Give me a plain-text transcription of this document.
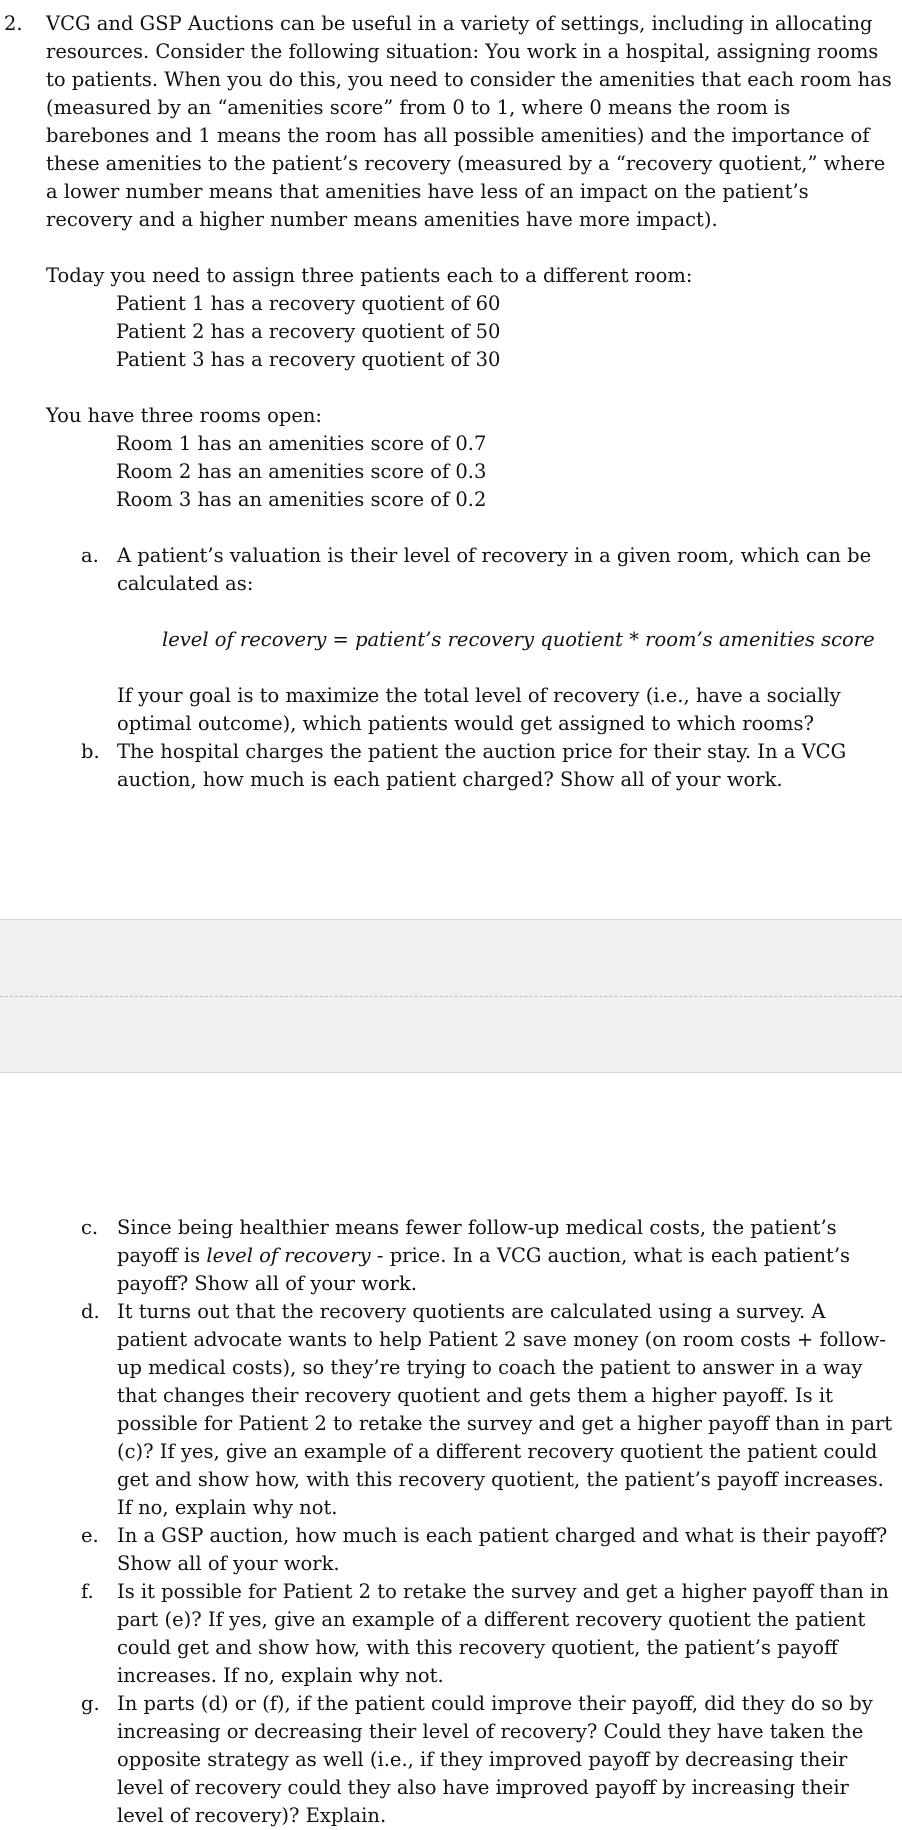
2. VCG and GSP Auctions can be useful in a variety of settings, including in allocating resources. Consider the following situation: You work in a hospital, assigning rooms to patients. When you do this, you need to consider the amenities that each room has (measured by an “amenities score” from 0 to 1, where 0 means the room is barebones and 1 means the room has all possible amenities) and the importance of these amenities to the patient’s recovery (measured by a “recovery quotient,” where a lower number means that amenities have less of an impact on the patient’s recovery and a higher number means amenities have more impact).
Today you need to assign three patients each to a different room:
Patient 1 has a recovery quotient of 60
Patient 2 has a recovery quotient of 50
Patient 3 has a recovery quotient of 30
You have three rooms open:
Room 1 has an amenities score of 0.7
Room 2 has an amenities score of 0.3
Room 3 has an amenities score of 0.2
a. A patient’s valuation is their level of recovery in a given room, which can be calculated as:
level of recovery = patient’s recovery quotient * room’s amenities score
If your goal is to maximize the total level of recovery (i.e., have a socially optimal outcome), which patients would get assigned to which rooms?
b. The hospital charges the patient the auction price for their stay. In a VCG auction, how much is each patient charged? Show all of your work.
c. Since being healthier means fewer follow-up medical costs, the patient’s payoff is level of recovery - price. In a VCG auction, what is each patient’s payoff? Show all of your work.
d. It turns out that the recovery quotients are calculated using a survey. A patient advocate wants to help Patient 2 save money (on room costs + follow-up medical costs), so they’re trying to coach the patient to answer in a way that changes their recovery quotient and gets them a higher payoff. Is it possible for Patient 2 to retake the survey and get a higher payoff than in part (c)? If yes, give an example of a different recovery quotient the patient could get and show how, with this recovery quotient, the patient’s payoff increases. If no, explain why not.
e. In a GSP auction, how much is each patient charged and what is their payoff? Show all of your work.
f. Is it possible for Patient 2 to retake the survey and get a higher payoff than in part (e)? If yes, give an example of a different recovery quotient the patient could get and show how, with this recovery quotient, the patient’s payoff increases. If no, explain why not.
g. In parts (d) or (f), if the patient could improve their payoff, did they do so by increasing or decreasing their level of recovery? Could they have taken the opposite strategy as well (i.e., if they improved payoff by decreasing their level of recovery could they also have improved payoff by increasing their level of recovery)? Explain.
